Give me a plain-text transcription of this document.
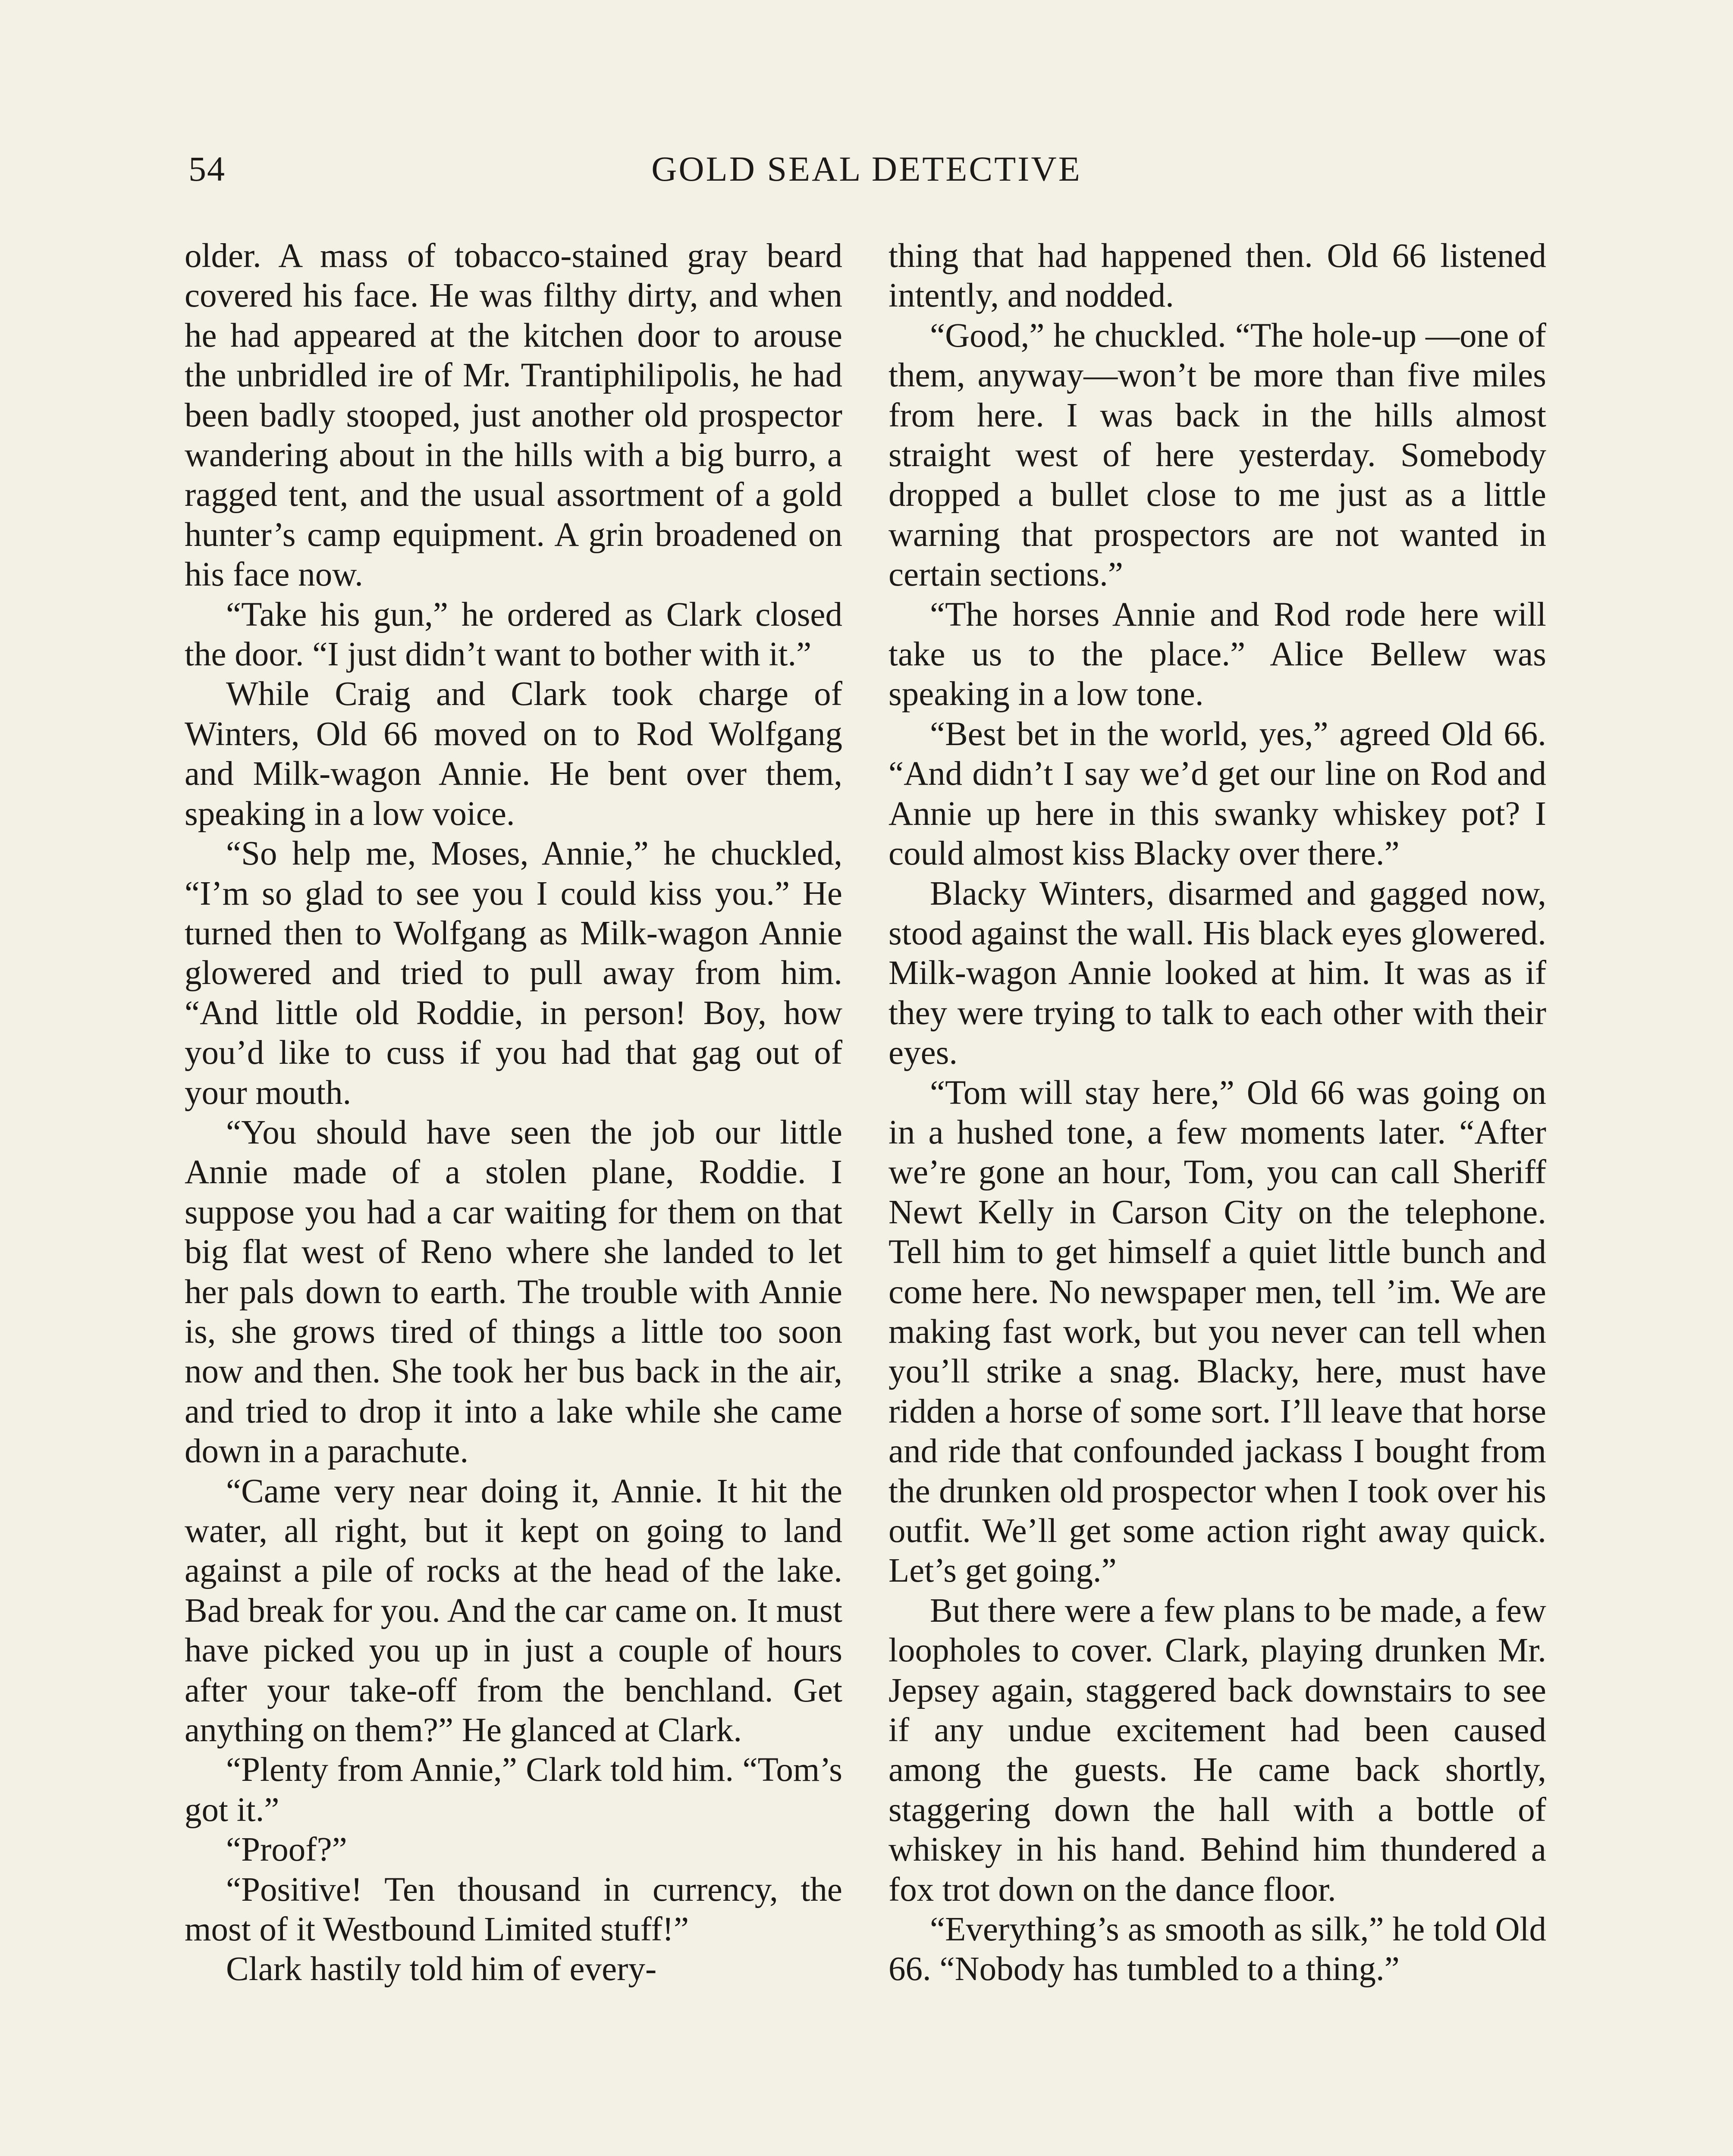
54	GOLD SEAL DETECTIVE

older. A mass of tobacco-stained gray beard covered his face. He was filthy dirty, and when he had appeared at the kitchen door to arouse the unbridled ire of Mr. Trantiphilipolis, he had been badly stooped, just another old prospector wandering about in the hills with a big burro, a ragged tent, and the usual assortment of a gold hunter’s camp equipment. A grin broadened on his face now.

“Take his gun,” he ordered as Clark closed the door. “I just didn’t want to bother with it.”

While Craig and Clark took charge of Winters, Old 66 moved on to Rod Wolfgang and Milk-wagon Annie. He bent over them, speaking in a low voice.

“So help me, Moses, Annie,” he chuckled, “I’m so glad to see you I could kiss you.” He turned then to Wolfgang as Milk-wagon Annie glowered and tried to pull away from him. “And little old Roddie, in person! Boy, how you’d like to cuss if you had that gag out of your mouth.

“You should have seen the job our little Annie made of a stolen plane, Roddie. I suppose you had a car waiting for them on that big flat west of Reno where she landed to let her pals down to earth. The trouble with Annie is, she grows tired of things a little too soon now and then. She took her bus back in the air, and tried to drop it into a lake while she came down in a parachute.

“Came very near doing it, Annie. It hit the water, all right, but it kept on going to land against a pile of rocks at the head of the lake. Bad break for you. And the car came on. It must have picked you up in just a couple of hours after your take-off from the benchland. Get anything on them?” He glanced at Clark.

“Plenty from Annie,” Clark told him. “Tom’s got it.”

“Proof?”

“Positive! Ten thousand in currency, the most of it Westbound Limited stuff!”

Clark hastily told him of every-

thing that had happened then. Old 66 listened intently, and nodded.

“Good,” he chuckled. “The hole-up —one of them, anyway—won’t be more than five miles from here. I was back in the hills almost straight west of here yesterday. Somebody dropped a bullet close to me just as a little warning that prospectors are not wanted in certain sections.”

“The horses Annie and Rod rode here will take us to the place.” Alice Bellew was speaking in a low tone.

“Best bet in the world, yes,” agreed Old 66. “And didn’t I say we’d get our line on Rod and Annie up here in this swanky whiskey pot? I could almost kiss Blacky over there.”

Blacky Winters, disarmed and gagged now, stood against the wall. His black eyes glowered. Milk-wagon Annie looked at him. It was as if they were trying to talk to each other with their eyes.

“Tom will stay here,” Old 66 was going on in a hushed tone, a few moments later. “After we’re gone an hour, Tom, you can call Sheriff Newt Kelly in Carson City on the telephone. Tell him to get himself a quiet little bunch and come here. No newspaper men, tell ’im. We are making fast work, but you never can tell when you’ll strike a snag. Blacky, here, must have ridden a horse of some sort. I’ll leave that horse and ride that confounded jackass I bought from the drunken old prospector when I took over his outfit. We’ll get some action right away quick. Let’s get going.”

But there were a few plans to be made, a few loopholes to cover. Clark, playing drunken Mr. Jepsey again, staggered back downstairs to see if any undue excitement had been caused among the guests. He came back shortly, staggering down the hall with a bottle of whiskey in his hand. Behind him thundered a fox trot down on the dance floor.

“Everything’s as smooth as silk,” he told Old 66. “Nobody has tumbled to a thing.”
